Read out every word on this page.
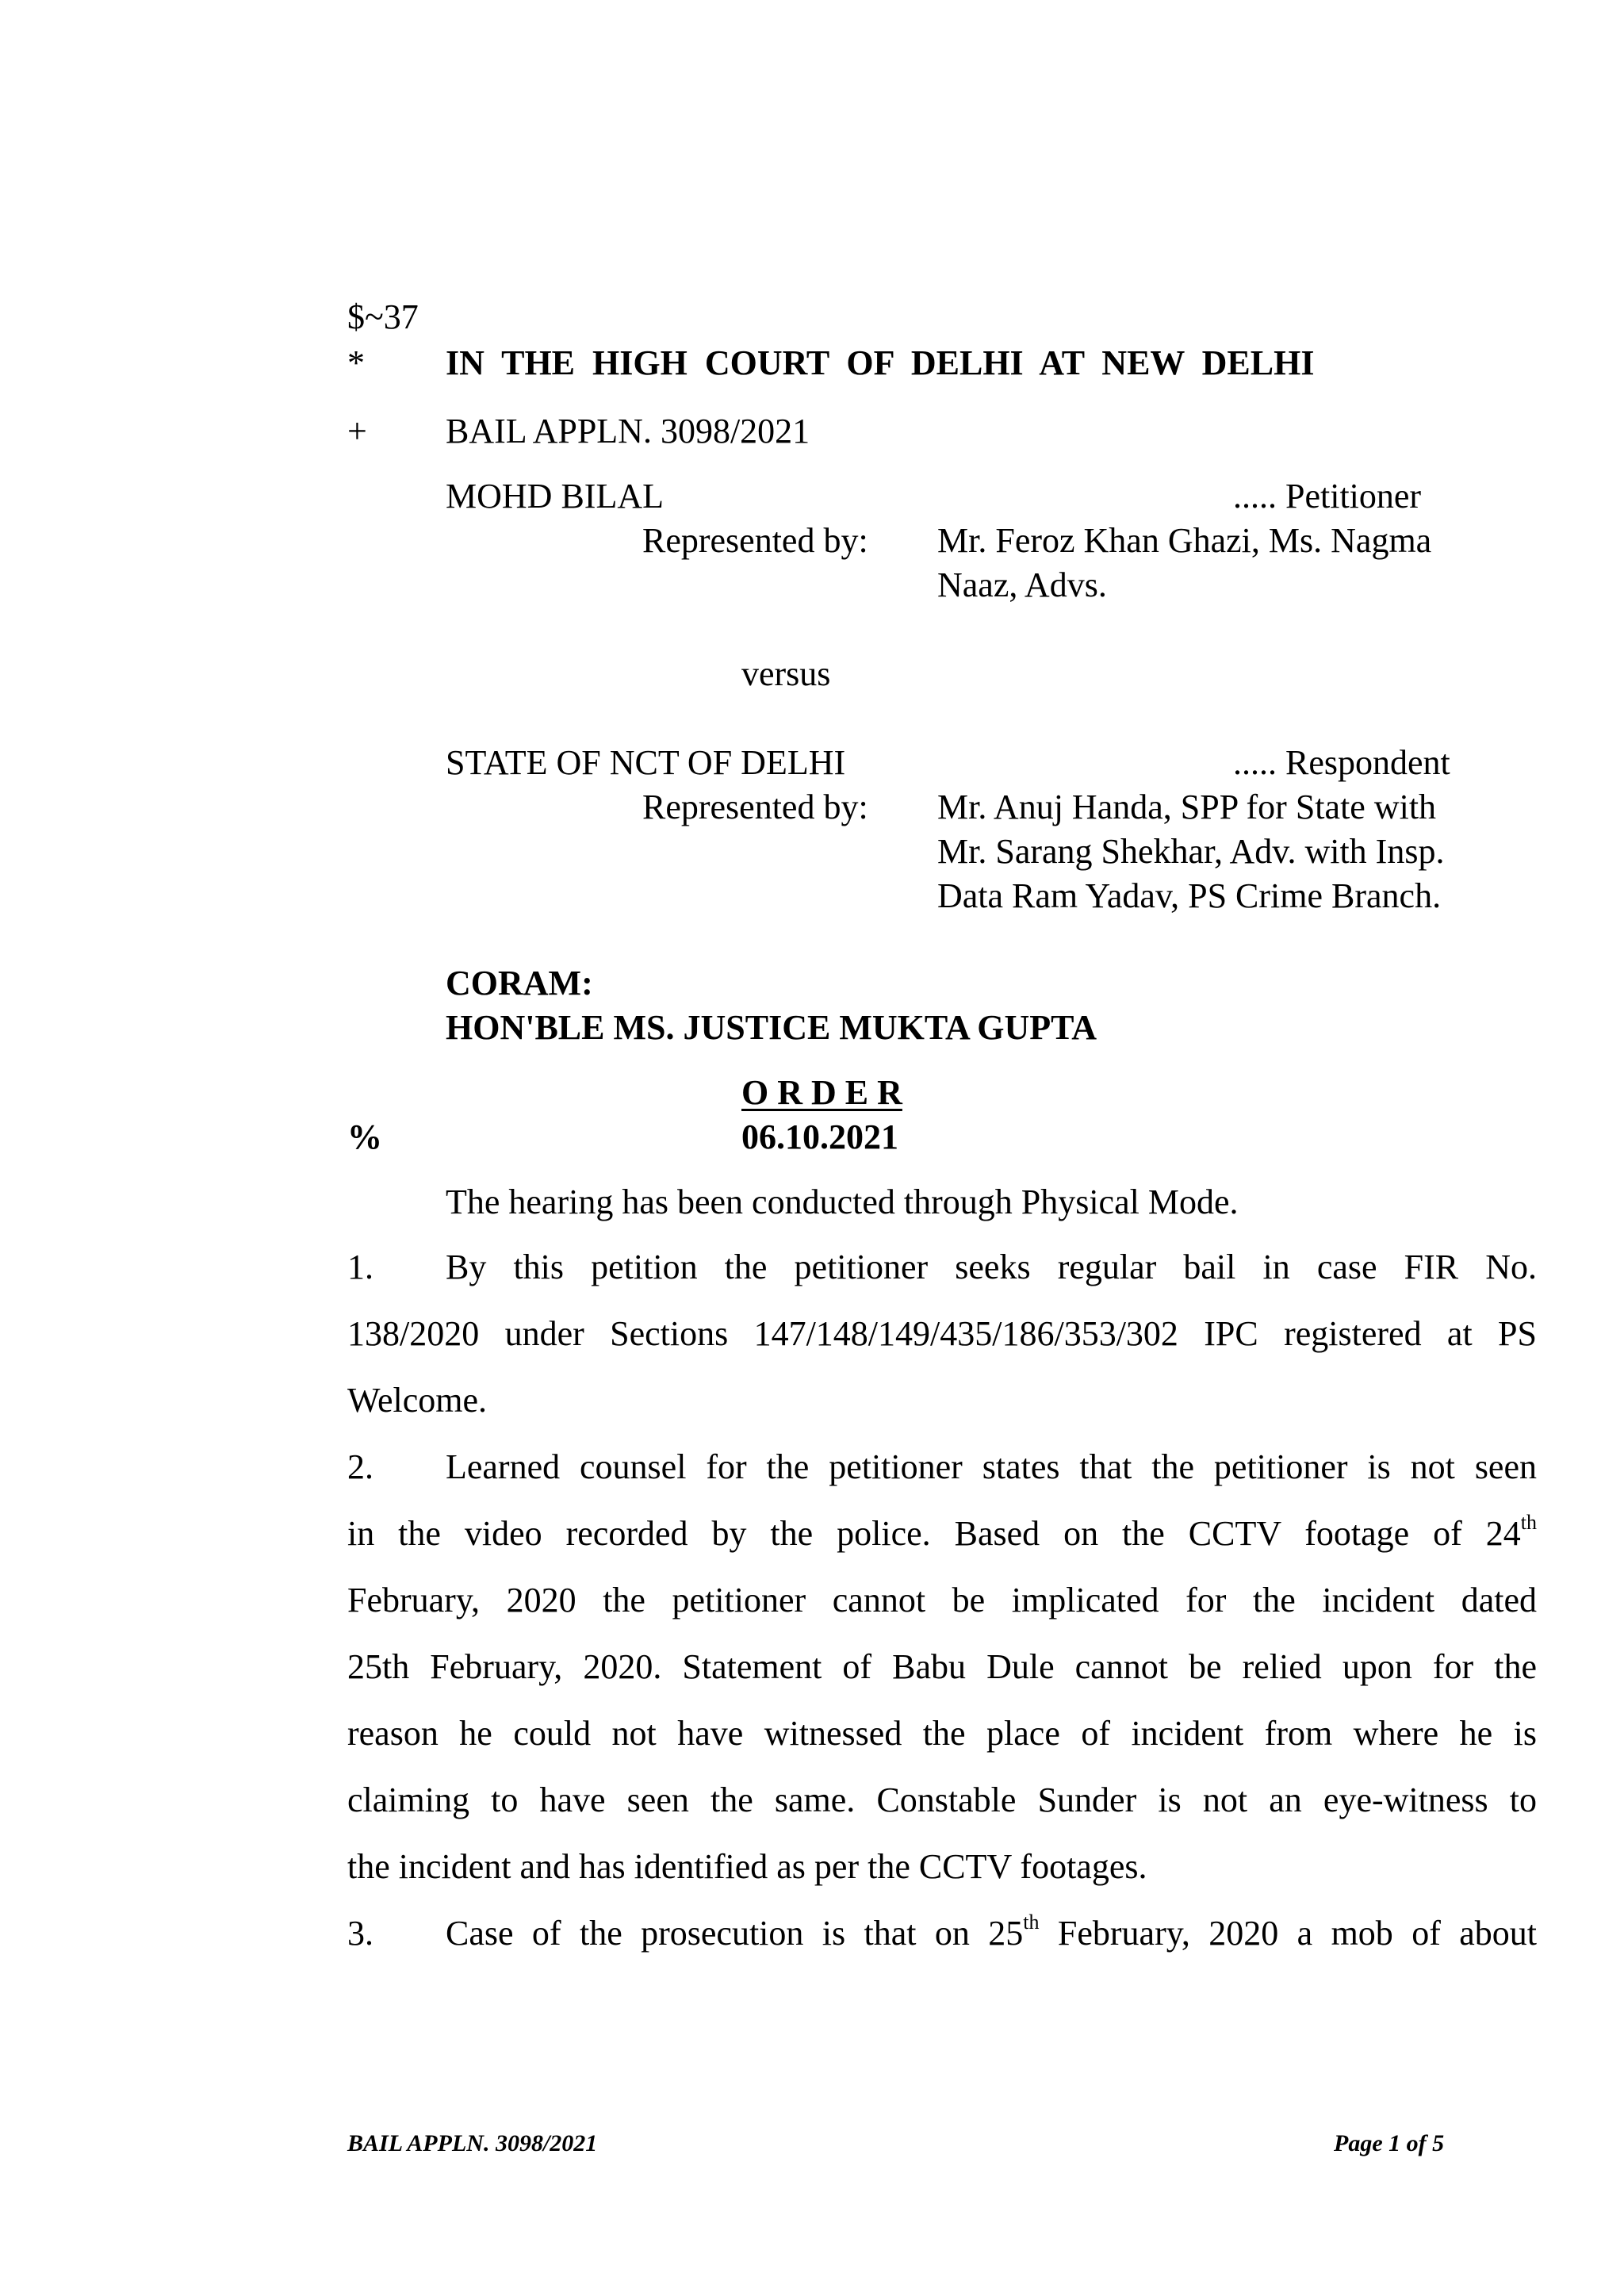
$~37
* IN  THE  HIGH  COURT  OF  DELHI  AT  NEW  DELHI
+ BAIL APPLN. 3098/2021
MOHD BILAL	..... Petitioner
Represented by: Mr. Feroz Khan Ghazi, Ms. Nagma
Naaz, Advs.
versus
STATE OF NCT OF DELHI	..... Respondent
Represented by: Mr. Anuj Handa, SPP for State with
Mr. Sarang Shekhar, Adv. with Insp.
Data Ram Yadav, PS Crime Branch.
CORAM:
HON'BLE MS. JUSTICE MUKTA GUPTA
O R D E R
%	06.10.2021
The hearing has been conducted through Physical Mode.
1. By this petition the petitioner seeks regular bail in case FIR No.
138/2020 under Sections 147/148/149/435/186/353/302 IPC registered at PS
Welcome.
2. Learned counsel for the petitioner states that the petitioner is not seen
in the video recorded by the police. Based on the CCTV footage of 24th
February, 2020 the petitioner cannot be implicated for the incident dated
25th February, 2020. Statement of Babu Dule cannot be relied upon for the
reason he could not have witnessed the place of incident from where he is
claiming to have seen the same. Constable Sunder is not an eye-witness to
the incident and has identified as per the CCTV footages.
3. Case of the prosecution is that on 25th February, 2020 a mob of about
BAIL APPLN. 3098/2021	Page 1 of 5
